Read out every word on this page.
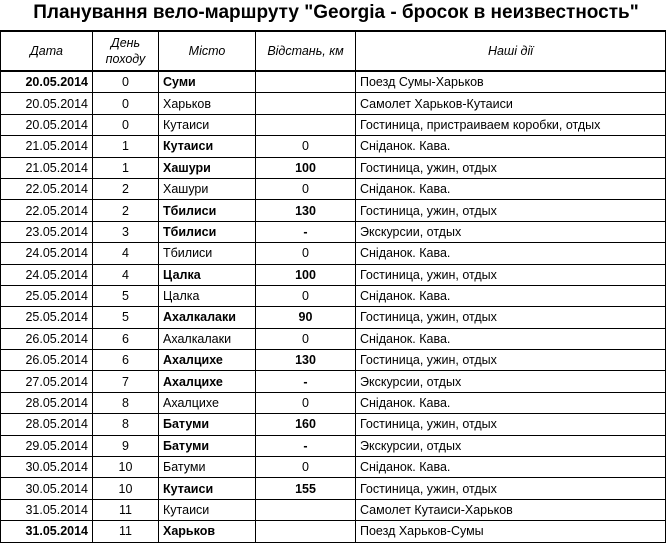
Планування вело-маршруту "Georgia - бросок в неизвестность"
Дата	День походу	Місто	Відстань, км	Наші дії
20.05.2014	0	Суми		Поезд Сумы-Харьков
20.05.2014	0	Харьков		Самолет Харьков-Кутаиси
20.05.2014	0	Кутаиси		Гостиница, пристраиваем коробки, отдых
21.05.2014	1	Кутаиси	0	Сніданок. Кава.
21.05.2014	1	Хашури	100	Гостиница, ужин, отдых
22.05.2014	2	Хашури	0	Сніданок. Кава.
22.05.2014	2	Тбилиси	130	Гостиница, ужин, отдых
23.05.2014	3	Тбилиси	-	Экскурсии, отдых
24.05.2014	4	Тбилиси	0	Сніданок. Кава.
24.05.2014	4	Цалка	100	Гостиница, ужин, отдых
25.05.2014	5	Цалка	0	Сніданок. Кава.
25.05.2014	5	Ахалкалаки	90	Гостиница, ужин, отдых
26.05.2014	6	Ахалкалаки	0	Сніданок. Кава.
26.05.2014	6	Ахалцихе	130	Гостиница, ужин, отдых
27.05.2014	7	Ахалцихе	-	Экскурсии, отдых
28.05.2014	8	Ахалцихе	0	Сніданок. Кава.
28.05.2014	8	Батуми	160	Гостиница, ужин, отдых
29.05.2014	9	Батуми	-	Экскурсии, отдых
30.05.2014	10	Батуми	0	Сніданок. Кава.
30.05.2014	10	Кутаиси	155	Гостиница, ужин, отдых
31.05.2014	11	Кутаиси		Самолет Кутаиси-Харьков
31.05.2014	11	Харьков		Поезд Харьков-Сумы
